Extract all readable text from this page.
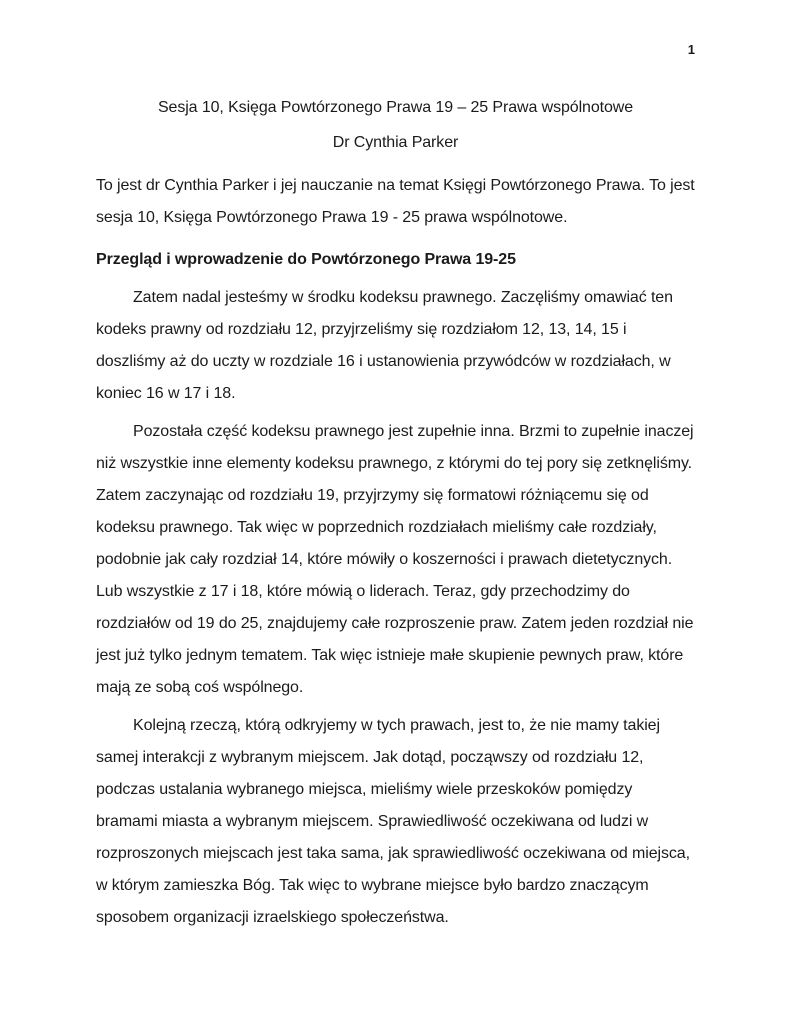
1
Sesja 10, Księga Powtórzonego Prawa 19 – 25 Prawa wspólnotowe
Dr Cynthia Parker

To jest dr Cynthia Parker i jej nauczanie na temat Księgi Powtórzonego Prawa. To jest sesja 10, Księga Powtórzonego Prawa 19 - 25 prawa wspólnotowe.

Przegląd i wprowadzenie do Powtórzonego Prawa 19-25

Zatem nadal jesteśmy w środku kodeksu prawnego. Zaczęliśmy omawiać ten kodeks prawny od rozdziału 12, przyjrzeliśmy się rozdziałom 12, 13, 14, 15 i doszliśmy aż do uczty w rozdziale 16 i ustanowienia przywódców w rozdziałach, w koniec 16 w 17 i 18.

Pozostała część kodeksu prawnego jest zupełnie inna. Brzmi to zupełnie inaczej niż wszystkie inne elementy kodeksu prawnego, z którymi do tej pory się zetknęliśmy. Zatem zaczynając od rozdziału 19, przyjrzymy się formatowi różniącemu się od kodeksu prawnego. Tak więc w poprzednich rozdziałach mieliśmy całe rozdziały, podobnie jak cały rozdział 14, które mówiły o koszerności i prawach dietetycznych. Lub wszystkie z 17 i 18, które mówią o liderach. Teraz, gdy przechodzimy do rozdziałów od 19 do 25, znajdujemy całe rozproszenie praw. Zatem jeden rozdział nie jest już tylko jednym tematem. Tak więc istnieje małe skupienie pewnych praw, które mają ze sobą coś wspólnego.

Kolejną rzeczą, którą odkryjemy w tych prawach, jest to, że nie mamy takiej samej interakcji z wybranym miejscem. Jak dotąd, począwszy od rozdziału 12, podczas ustalania wybranego miejsca, mieliśmy wiele przeskoków pomiędzy bramami miasta a wybranym miejscem. Sprawiedliwość oczekiwana od ludzi w rozproszonych miejscach jest taka sama, jak sprawiedliwość oczekiwana od miejsca, w którym zamieszka Bóg. Tak więc to wybrane miejsce było bardzo znaczącym sposobem organizacji izraelskiego społeczeństwa.
